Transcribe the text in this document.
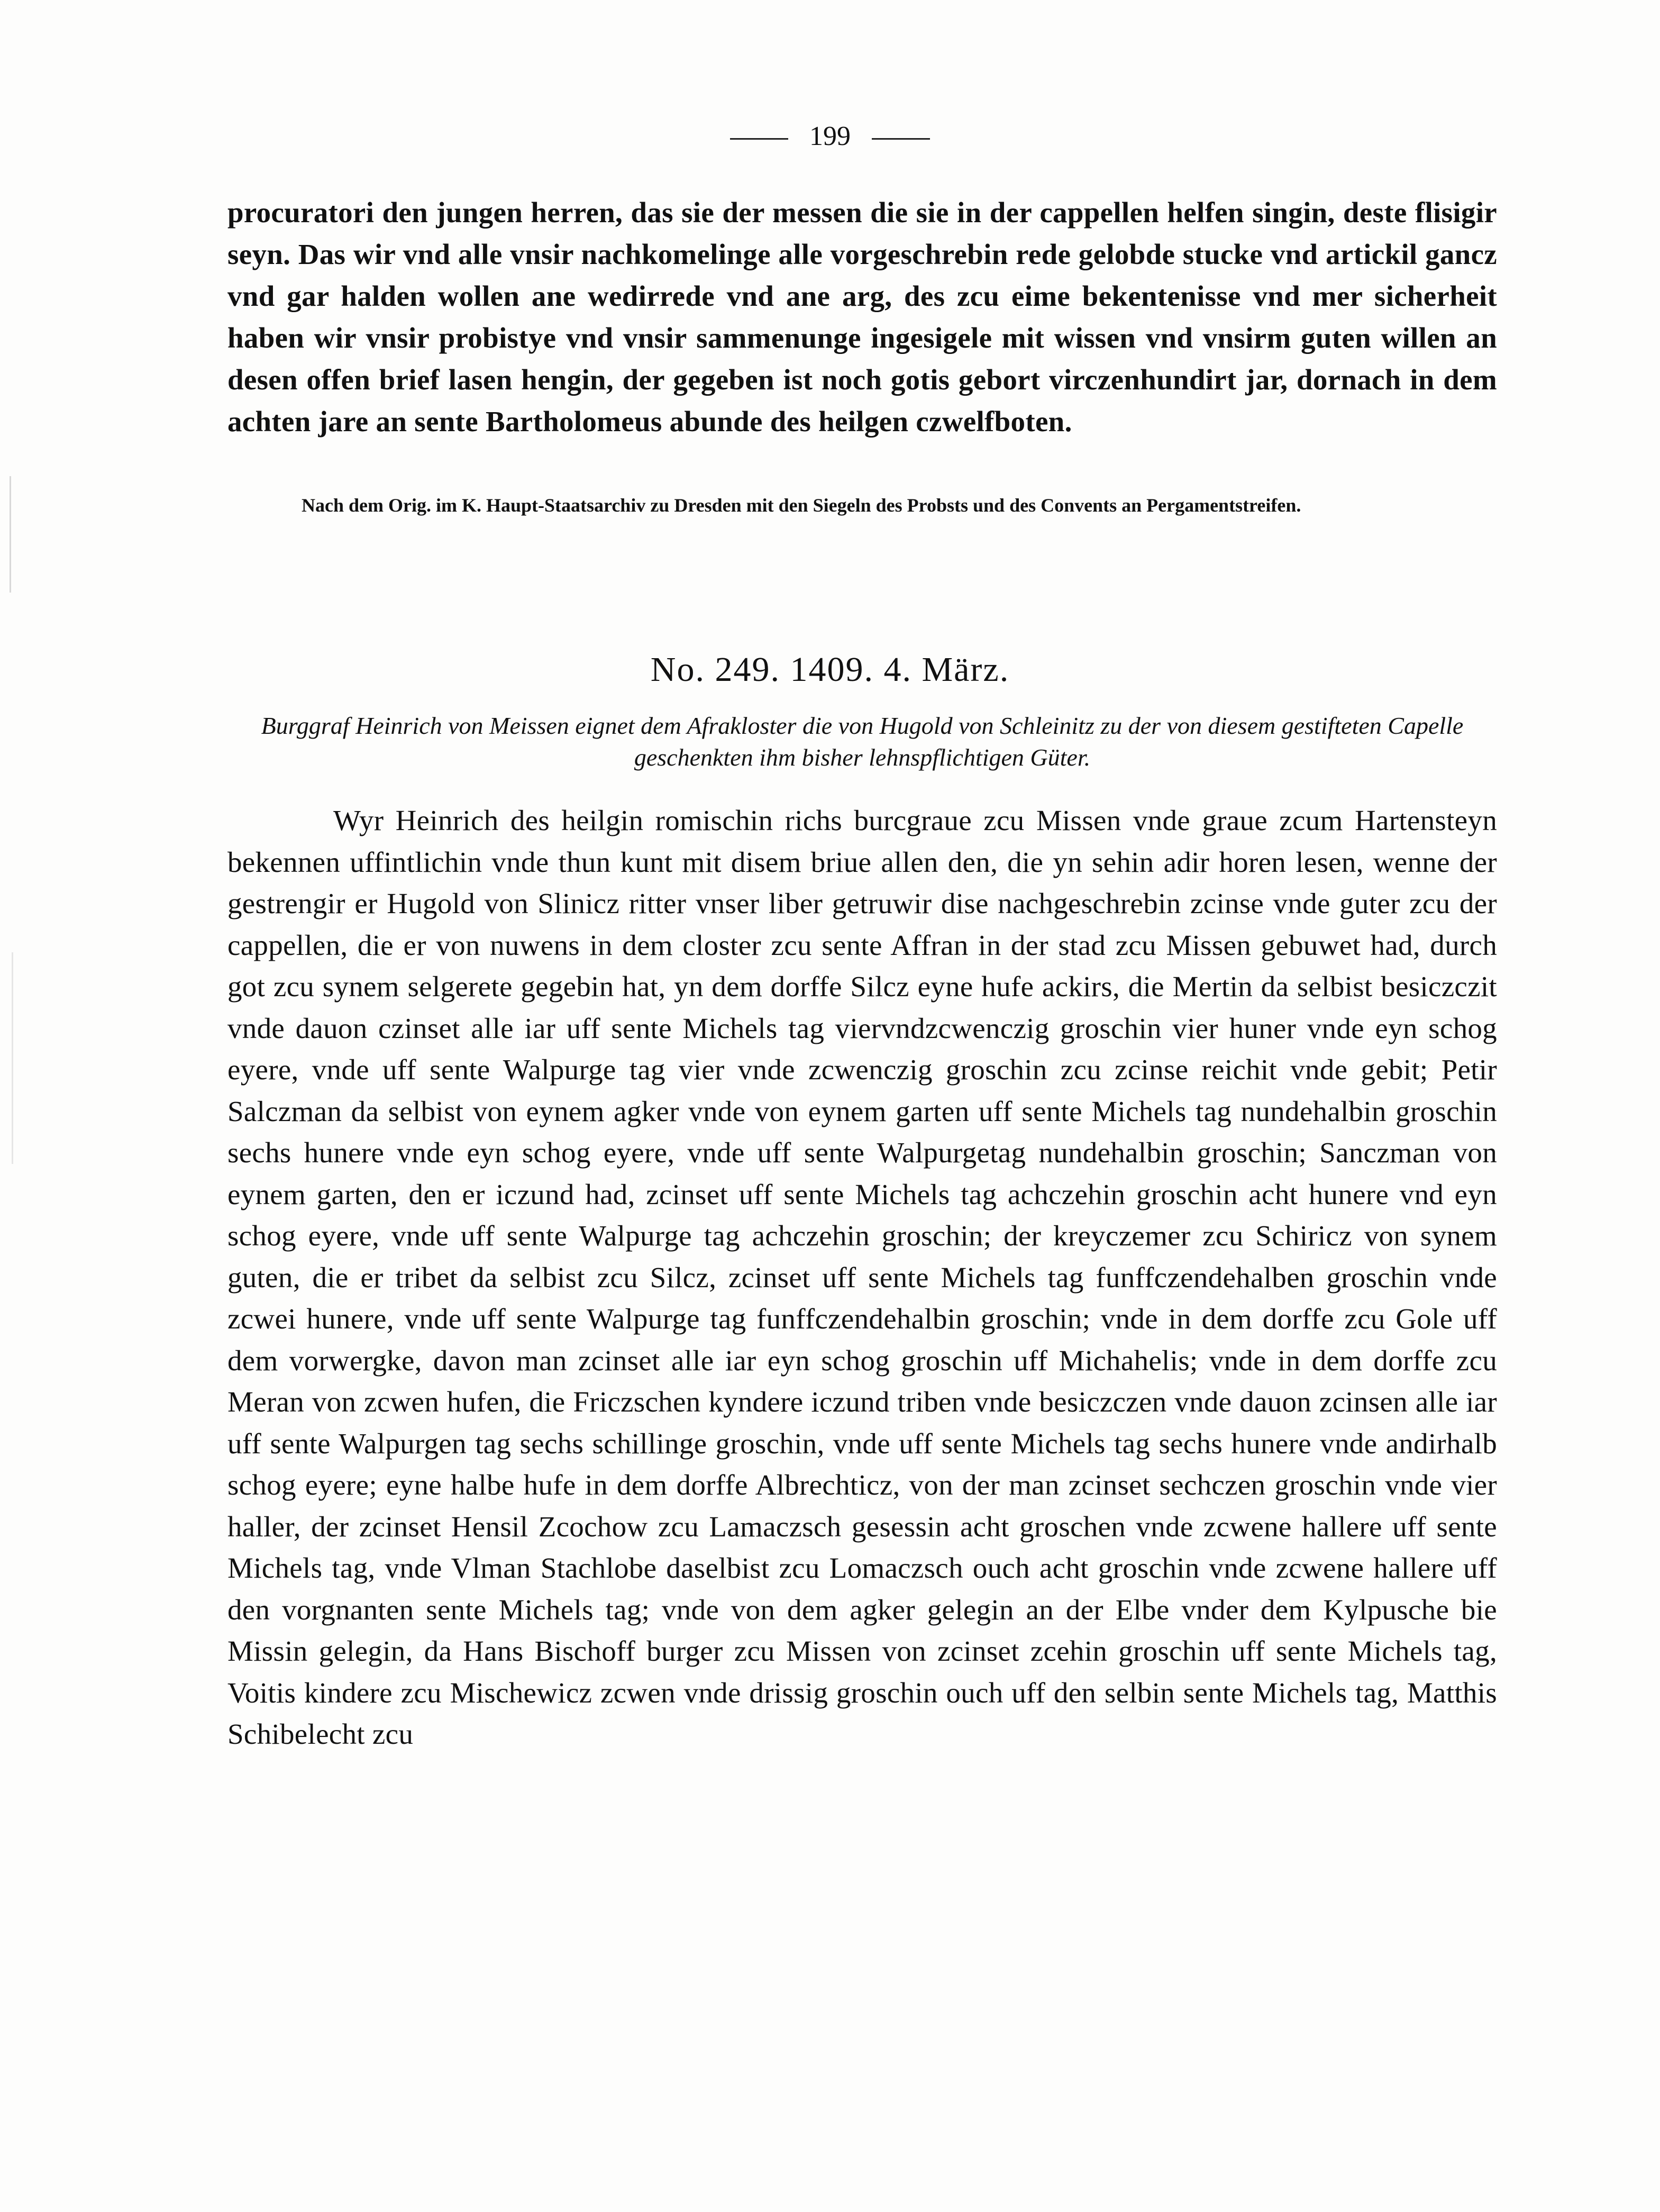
199

procuratori den jungen herren, das sie der messen die sie in der cappellen helfen singin, deste flisigir seyn. Das wir vnd alle vnsir nachkomelinge alle vorgeschrebin rede gelobde stucke vnd artickil gancz vnd gar halden wollen ane wedirrede vnd ane arg, des zcu eime bekentenisse vnd mer sicherheit haben wir vnsir probistye vnd vnsir sammenunge ingesigele mit wissen vnd vnsirm guten willen an desen offen brief lasen hengin, der gegeben ist noch gotis gebort virczenhundirt jar, dornach in dem achten jare an sente Bartholomeus abunde des heilgen czwelfboten.

Nach dem Orig. im K. Haupt-Staatsarchiv zu Dresden mit den Siegeln des Probsts und des Convents an Pergamentstreifen.

No. 249. 1409. 4. März.
Burggraf Heinrich von Meissen eignet dem Afrakloster die von Hugold von Schleinitz zu der von diesem gestifteten Capelle geschenkten ihm bisher lehnspflichtigen Güter.

Wyr Heinrich des heilgin romischin richs burcgraue zcu Missen vnde graue zcum Hartensteyn bekennen uffintlichin vnde thun kunt mit disem briue allen den, die yn sehin adir horen lesen, wenne der gestrengir er Hugold von Slinicz ritter vnser liber getruwir dise nachgeschrebin zcinse vnde guter zcu der cappellen, die er von nuwens in dem closter zcu sente Affran in der stad zcu Missen gebuwet had, durch got zcu synem selgerete gegebin hat, yn dem dorffe Silcz eyne hufe ackirs, die Mertin da selbist besiczczit vnde dauon czinset alle iar uff sente Michels tag viervndzcwenczig groschin vier huner vnde eyn schog eyere, vnde uff sente Walpurge tag vier vnde zcwenczig groschin zcu zcinse reichit vnde gebit; Petir Salczman da selbist von eynem agker vnde von eynem garten uff sente Michels tag nundehalbin groschin sechs hunere vnde eyn schog eyere, vnde uff sente Walpurgetag nundehalbin groschin; Sanczman von eynem garten, den er iczund had, zcinset uff sente Michels tag achczehin groschin acht hunere vnd eyn schog eyere, vnde uff sente Walpurge tag achczehin groschin; der kreyczemer zcu Schiricz von synem guten, die er tribet da selbist zcu Silcz, zcinset uff sente Michels tag funffczendehalben groschin vnde zcwei hunere, vnde uff sente Walpurge tag funffczendehalbin groschin; vnde in dem dorffe zcu Gole uff dem vorwergke, davon man zcinset alle iar eyn schog groschin uff Michahelis; vnde in dem dorffe zcu Meran von zcwen hufen, die Friczschen kyndere iczund triben vnde besiczczen vnde dauon zcinsen alle iar uff sente Walpurgen tag sechs schillinge groschin, vnde uff sente Michels tag sechs hunere vnde andirhalb schog eyere; eyne halbe hufe in dem dorffe Albrechticz, von der man zcinset sechczen groschin vnde vier haller, der zcinset Hensil Zcochow zcu Lamaczsch gesessin acht groschen vnde zcwene hallere uff sente Michels tag, vnde Vlman Stachlobe daselbist zcu Lomaczsch ouch acht groschin vnde zcwene hallere uff den vorgnanten sente Michels tag; vnde von dem agker gelegin an der Elbe vnder dem Kylpusche bie Missin gelegin, da Hans Bischoff burger zcu Missen von zcinset zcehin groschin uff sente Michels tag, Voitis kindere zcu Mischewicz zcwen vnde drissig groschin ouch uff den selbin sente Michels tag, Matthis Schibelecht zcu
